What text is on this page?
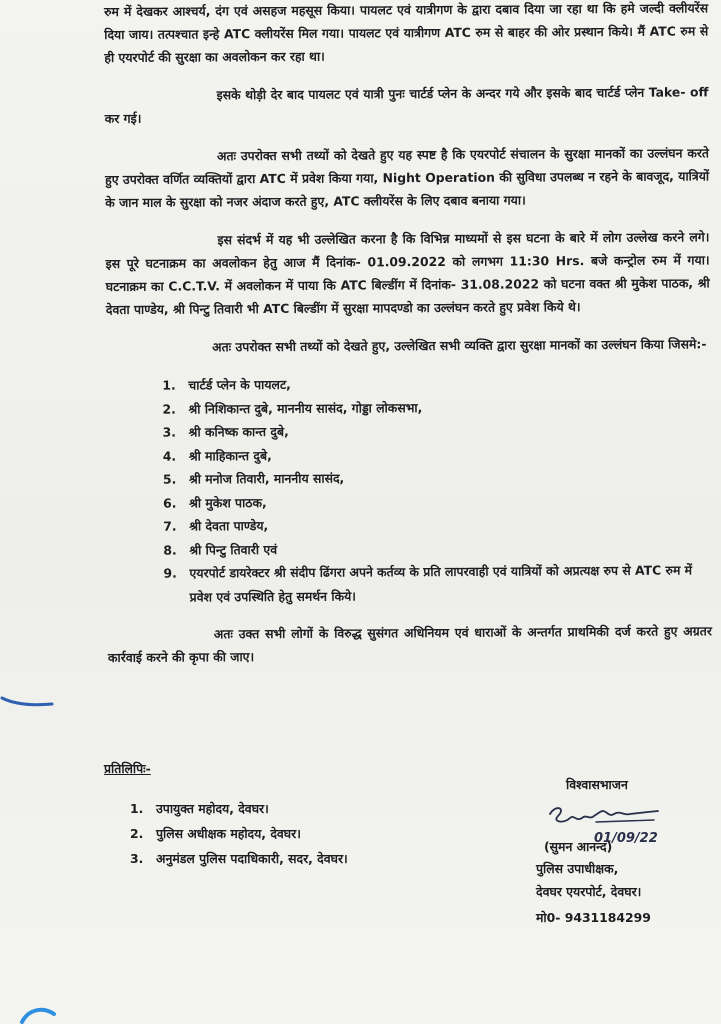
रुम में देखकर आश्चर्य, दंग एवं असहज महसूस किया। पायलट एवं यात्रीगण के द्वारा दबाव दिया जा रहा था कि हमे जल्दी क्लीयरेंस दिया जाय। तत्पश्चात इन्हे ATC क्लीयरेंस मिल गया। पायलट एवं यात्रीगण ATC रुम से बाहर की ओर प्रस्थान किये। मैं ATC रुम से ही एयरपोर्ट की सुरक्षा का अवलोकन कर रहा था।

इसके थोड़ी देर बाद पायलट एवं यात्री पुनः चार्टर्ड प्लेन के अन्दर गये और इसके बाद चार्टर्ड प्लेन Take- off कर गई।

अतः उपरोक्त सभी तथ्यों को देखते हुए यह स्पष्ट है कि एयरपोर्ट संचालन के सुरक्षा मानकों का उल्लंघन करते हुए उपरोक्त वर्णित व्यक्तियों द्वारा ATC में प्रवेश किया गया, Night Operation की सुविधा उपलब्ध न रहने के बावजूद, यात्रियों के जान माल के सुरक्षा को नजर अंदाज करते हुए, ATC क्लीयरेंस के लिए दबाव बनाया गया।

इस संदर्भ में यह भी उल्लेखित करना है कि विभिन्न माध्यमों से इस घटना के बारे में लोग उल्लेख करने लगे। इस पूरे घटनाक्रम का अवलोकन हेतु आज मैं दिनांक- 01.09.2022 को लगभग 11:30 Hrs. बजे कन्ट्रोल रुम में गया। घटनाक्रम का C.C.T.V. में अवलोकन में पाया कि ATC बिल्डींग में दिनांक- 31.08.2022 को घटना वक्त श्री मुकेश पाठक, श्री देवता पाण्डेय, श्री पिन्टु तिवारी भी ATC बिल्डींग में सुरक्षा मापदण्डो का उल्लंघन करते हुए प्रवेश किये थे।

अतः उपरोक्त सभी तथ्यों को देखते हुए, उल्लेखित सभी व्यक्ति द्वारा सुरक्षा मानकों का उल्लंघन किया जिसमे:-

1.	चार्टर्ड प्लेन के पायलट,
2.	श्री निशिकान्त दुबे, माननीय सासंद, गोड्डा लोकसभा,
3.	श्री कनिष्क कान्त दुबे,
4.	श्री माहिकान्त दुबे,
5.	श्री मनोज तिवारी, माननीय सासंद,
6.	श्री मुकेश पाठक,
7.	श्री देवता पाण्डेय,
8.	श्री पिन्टु तिवारी एवं
9.	एयरपोर्ट डायरेक्टर श्री संदीप ढिंगरा अपने कर्तव्य के प्रति लापरवाही एवं यात्रियों को अप्रत्यक्ष रुप से ATC रुम में प्रवेश एवं उपस्थिति हेतु समर्थन किये।

अतः उक्त सभी लोगों के विरुद्ध सुसंगत अधिनियम एवं धाराओं के अन्तर्गत प्राथमिकी दर्ज करते हुए अग्रतर कार्रवाई करने की कृपा की जाए।

प्रतिलिपिः-
1.	उपायुक्त महोदय, देवघर।
2.	पुलिस अधीक्षक महोदय, देवघर।
3.	अनुमंडल पुलिस पदाधिकारी, सदर, देवघर।
विश्वासभाजन
01/09/22
(सुमन आनन्द)
पुलिस उपाधीक्षक,
देवघर एयरपोर्ट, देवघर।
मो0- 9431184299
